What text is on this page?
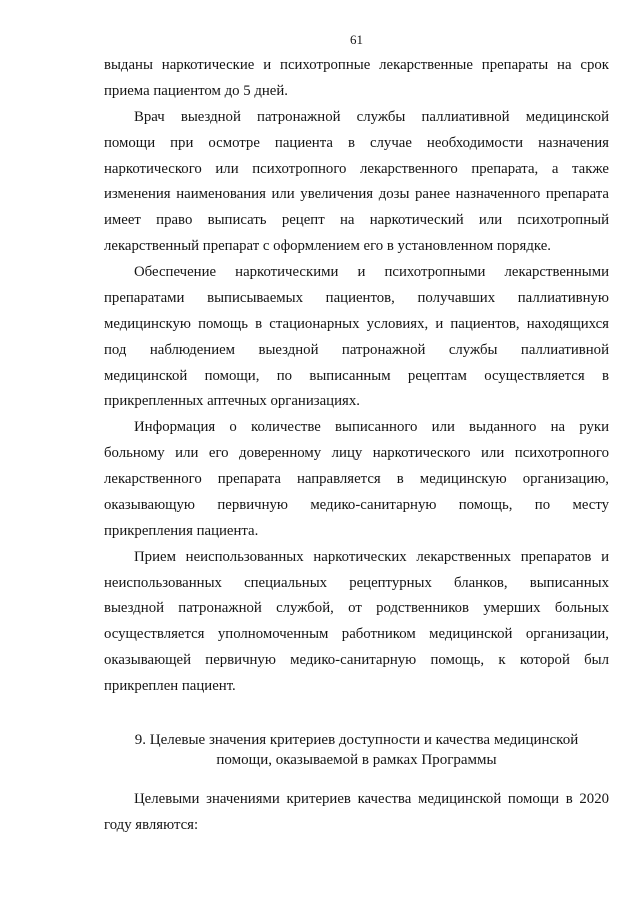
61
выданы наркотические и психотропные лекарственные препараты на срок
приема пациентом до 5 дней.
Врач выездной патронажной службы паллиативной медицинской
помощи при осмотре пациента в случае необходимости назначения
наркотического или психотропного лекарственного препарата, а также
изменения наименования или увеличения дозы ранее назначенного препарата
имеет право выписать рецепт на наркотический или психотропный
лекарственный препарат с оформлением его в установленном порядке.
Обеспечение наркотическими и психотропными лекарственными
препаратами выписываемых пациентов, получавших паллиативную
медицинскую помощь в стационарных условиях, и пациентов, находящихся
под наблюдением выездной патронажной службы паллиативной
медицинской помощи, по выписанным рецептам осуществляется в
прикрепленных аптечных организациях.
Информация о количестве выписанного или выданного на руки
больному или его доверенному лицу наркотического или психотропного
лекарственного препарата направляется в медицинскую организацию,
оказывающую первичную медико-санитарную помощь, по месту
прикрепления пациента.
Прием неиспользованных наркотических лекарственных препаратов и
неиспользованных специальных рецептурных бланков, выписанных
выездной патронажной службой, от родственников умерших больных
осуществляется уполномоченным работником медицинской организации,
оказывающей первичную медико-санитарную помощь, к которой был
прикреплен пациент.
9. Целевые значения критериев доступности и качества медицинской
помощи, оказываемой в рамках Программы
Целевыми значениями критериев качества медицинской помощи в 2020
году являются:
